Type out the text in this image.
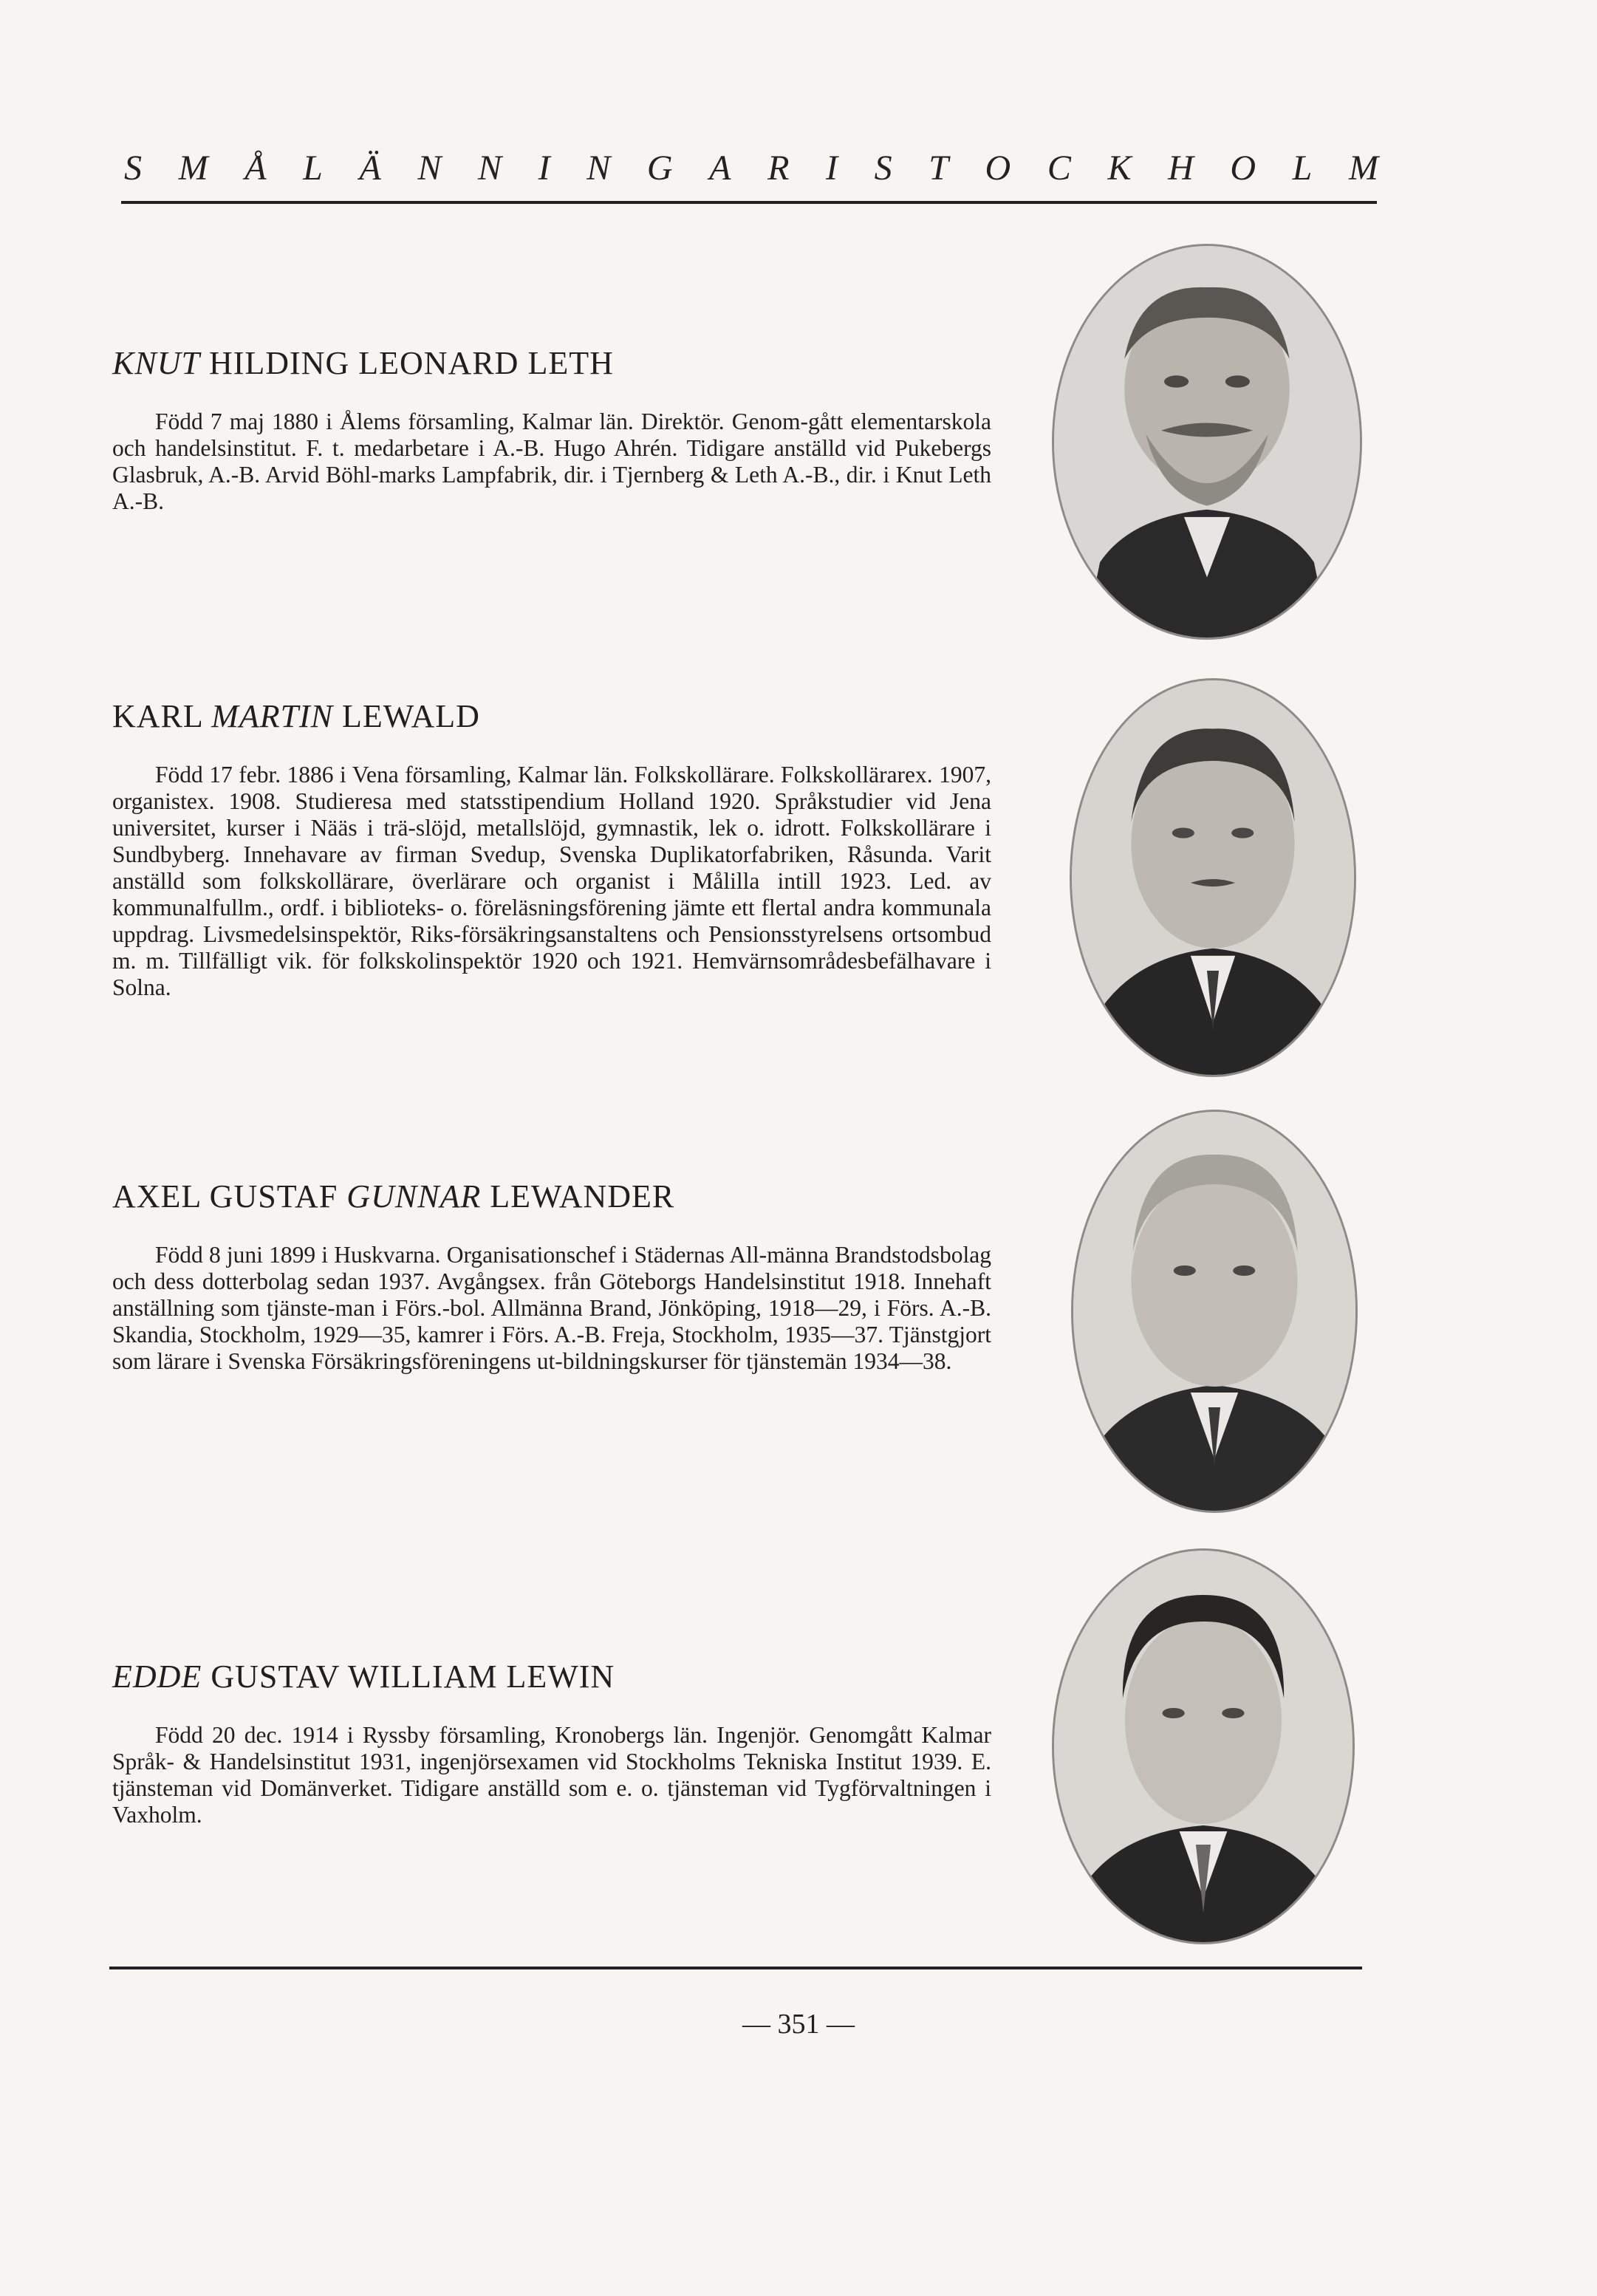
S M Å L Ä N N I N G A R I S T O C K H O L M
KNUT HILDING LEONARD LETH

Född 7 maj 1880 i Ålems församling, Kalmar län. Direktör. Genom-gått elementarskola och handelsinstitut. F. t. medarbetare i A.-B. Hugo Ahrén. Tidigare anställd vid Pukebergs Glasbruk, A.-B. Arvid Böhl-marks Lampfabrik, dir. i Tjernberg & Leth A.-B., dir. i Knut Leth A.-B.

KARL MARTIN LEWALD

Född 17 febr. 1886 i Vena församling, Kalmar län. Folkskollärare. Folkskollärarex. 1907, organistex. 1908. Studieresa med statsstipendium Holland 1920. Språkstudier vid Jena universitet, kurser i Nääs i trä-slöjd, metallslöjd, gymnastik, lek o. idrott. Folkskollärare i Sundbyberg. Innehavare av firman Svedup, Svenska Duplikatorfabriken, Råsunda. Varit anställd som folkskollärare, överlärare och organist i Målilla intill 1923. Led. av kommunalfullm., ordf. i biblioteks- o. föreläsningsförening jämte ett flertal andra kommunala uppdrag. Livsmedelsinspektör, Riks-försäkringsanstaltens och Pensionsstyrelsens ortsombud m. m. Tillfälligt vik. för folkskolinspektör 1920 och 1921. Hemvärnsområdesbefälhavare i Solna.

AXEL GUSTAF GUNNAR LEWANDER

Född 8 juni 1899 i Huskvarna. Organisationschef i Städernas All-männa Brandstodsbolag och dess dotterbolag sedan 1937. Avgångsex. från Göteborgs Handelsinstitut 1918. Innehaft anställning som tjänste-man i Förs.-bol. Allmänna Brand, Jönköping, 1918—29, i Förs. A.-B. Skandia, Stockholm, 1929—35, kamrer i Förs. A.-B. Freja, Stockholm, 1935—37. Tjänstgjort som lärare i Svenska Försäkringsföreningens ut-bildningskurser för tjänstemän 1934—38.

EDDE GUSTAV WILLIAM LEWIN

Född 20 dec. 1914 i Ryssby församling, Kronobergs län. Ingenjör. Genomgått Kalmar Språk- & Handelsinstitut 1931, ingenjörsexamen vid Stockholms Tekniska Institut 1939. E. tjänsteman vid Domänverket. Tidigare anställd som e. o. tjänsteman vid Tygförvaltningen i Vaxholm.

— 351 —
